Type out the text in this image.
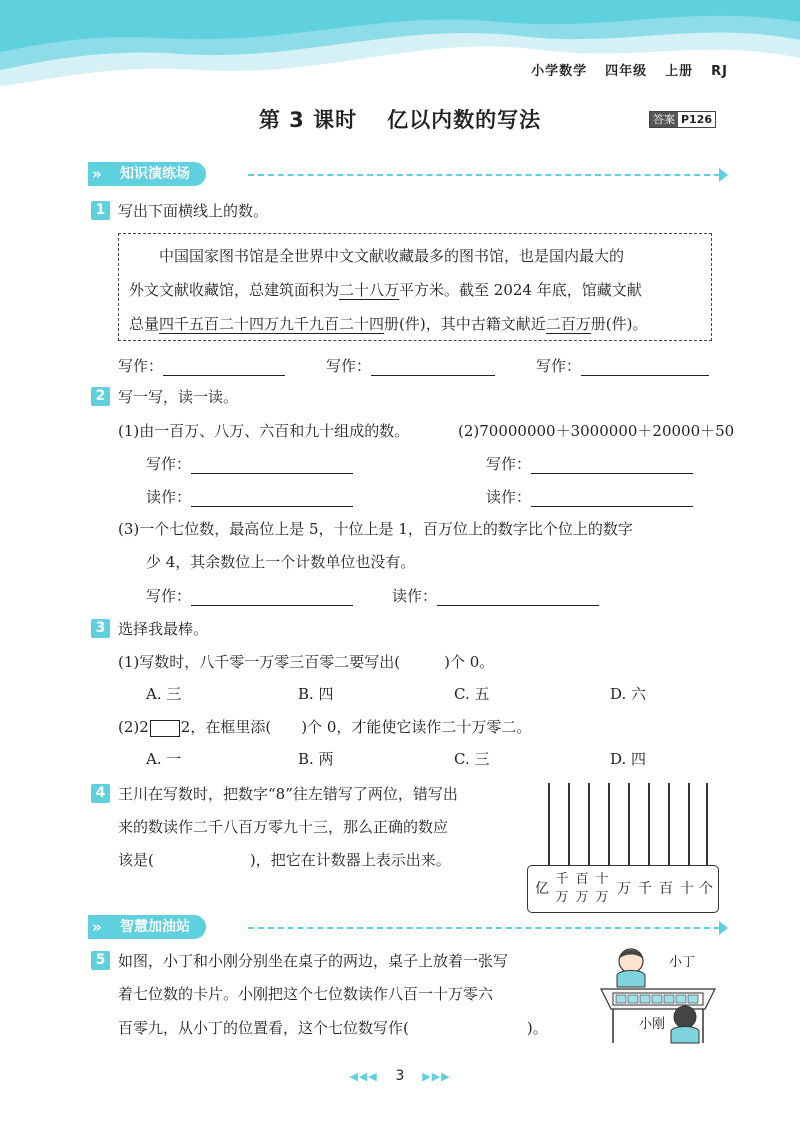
小学数学 四年级 上册 RJ
第 3 课时 亿以内数的写法	答案 P126
知识演练场
»
1 写出下面横线上的数。

中国国家图书馆是全世界中文文献收藏最多的图书馆，也是国内最大的

外文文献收藏馆，总建筑面积为二十八万平方米。截至 2024 年底，馆藏文献

总量四千五百二十四万九千九百二十四册(件)，其中古籍文献近二百万册(件)。

写作：	写作：	写作：
2 写一写，读一读。
(1)由一百万、八万、六百和九十组成的数。	(2)70000000＋3000000＋20000＋50
写作：	写作：
读作：	读作：
(3)一个七位数，最高位上是 5，十位上是 1，百万位上的数字比个位上的数字
少 4，其余数位上一个计数单位也没有。
写作：	读作：
3 选择我最棒。
(1)写数时，八千零一万零三百零二要写出(	)个 0。
A. 三	B. 四	C. 五	D. 六
(2)2 2，在框里添( )个 0，才能使它读作二十万零二。
A. 一	B. 两	C. 三	D. 四
4 王川在写数时，把数字“8”往左错写了两位，错写出
来的数读作二千八百万零九十三，那么正确的数应
该是(	)，把它在计数器上表示出来。
亿
千万
百万
十万
万 千 百 十 个
智慧加油站
»
5 如图，小丁和小刚分别坐在桌子的两边，桌子上放着一张写
着七位数的卡片。小刚把这个七位数读作八百一十万零六
百零九，从小丁的位置看，这个七位数写作(	)。
小丁
小刚
◀◀◀ 3 ▶▶▶
